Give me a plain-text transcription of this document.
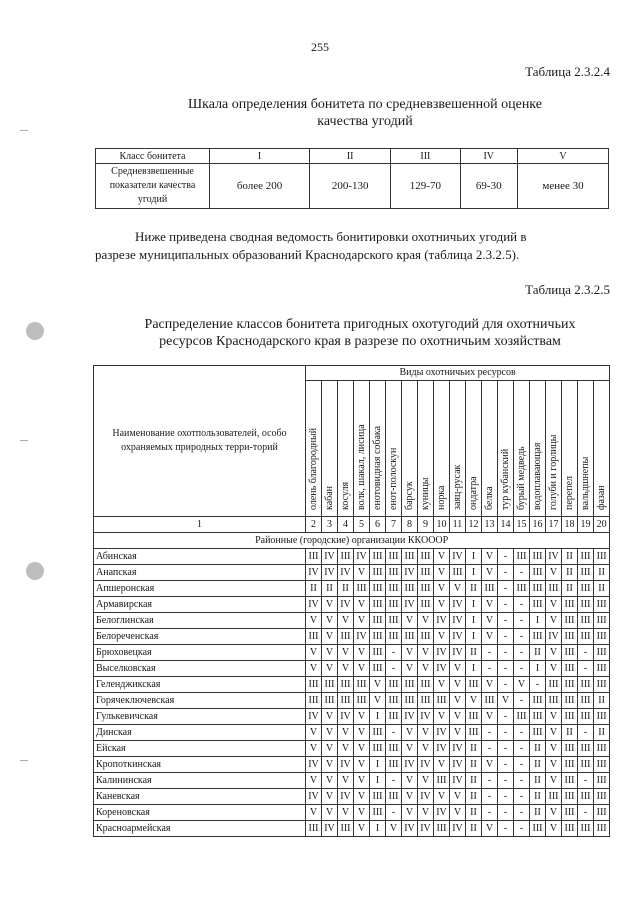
255
Таблица 2.3.2.4
Шкала определения бонитета по средневзвешенной оценке
качества угодий
Класс бонитета	I	II	III	IV	V

Средневзвешенные
показатели качества
угодий	более 200	200-130	129-70	69-30	менее 30
Ниже приведена сводная ведомость бонитировки охотничьих угодий в
разрезе муниципальных образований Краснодарского края (таблица 2.3.2.5).
Таблица 2.3.2.5
Распределение классов бонитета пригодных охотугодий для охотничьих
ресурсов Краснодарского края в разрезе по охотничьим хозяйствам
Наименование охотпользователей, особо охраняемых природных терри-торий	Виды охотничьих ресурсов																		
	олень благородный	кабан	косуля	волк, шакал, лисица	енотовидная собака	енот-полоскун	барсук	куницы	норка	заяц-русак	ондатра	белка	тур кубанский	бурый медведь	водоплавающая	голуби и горлицы	перепел	вальдшнепы	фазан
1	2	3	4	5	6	7	8	9	10	11	12	13	14	15	16	17	18	19	20
Районные (городские) организации ККОООР																			
Абинская	III	IV	III	IV	III	III	III	III	V	IV	I	V	-	III	III	IV	II	III	III
Анапская	IV	IV	IV	V	III	III	IV	III	V	III	I	V	-	-	III	V	II	III	II
Апшеронская	II	II	II	III	III	III	III	III	V	V	II	III	-	III	III	III	II	III	II
Армавирская	IV	V	IV	V	III	III	IV	III	V	IV	I	V	-	-	III	V	III	III	III
Белоглинская	V	V	V	V	III	III	V	V	IV	IV	I	V	-	-	I	V	III	III	III
Белореченская	III	V	III	IV	III	III	III	III	V	IV	I	V	-	-	III	IV	III	III	III
Брюховецкая	V	V	V	V	III	-	V	V	IV	IV	II	-	-	-	II	V	III	-	III
Выселковская	V	V	V	V	III	-	V	V	IV	V	I	-	-	-	I	V	III	-	III
Геленджикская	III	III	III	III	V	III	III	III	V	V	III	V	-	V	-	III	III	III	III
Горячеключевская	III	III	III	III	V	III	III	III	III	V	V	III	V	-	III	III	III	III	II
Гулькевичская	IV	V	IV	V	I	III	IV	IV	V	V	III	V	-	III	III	V	III	III	III
Динская	V	V	V	V	III	-	V	V	IV	V	III	-	-	-	III	V	II	-	II
Ейская	V	V	V	V	III	III	V	V	IV	IV	II	-	-	-	II	V	III	III	III
Кропоткинская	IV	V	IV	V	I	III	IV	IV	V	IV	II	V	-	-	II	V	III	III	III
Калининская	V	V	V	V	I	-	V	V	III	IV	II	-	-	-	II	V	III	-	III
Каневская	IV	V	IV	V	III	III	V	IV	V	V	II	-	-	-	II	III	III	III	III
Кореновская	V	V	V	V	III	-	V	V	IV	V	II	-	-	-	II	V	III	-	III
Красноармейская	III	IV	III	V	I	V	IV	IV	III	IV	II	V	-	-	III	V	III	III	III
